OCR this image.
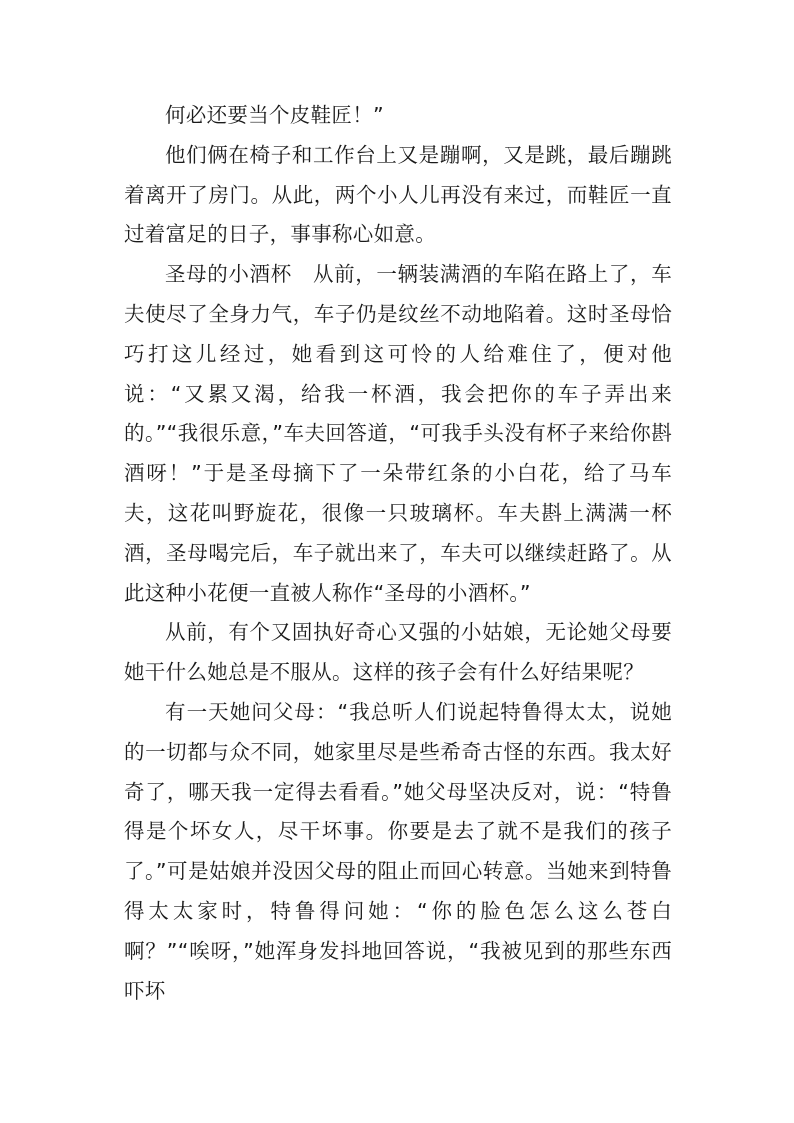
何必还要当个皮鞋匠！”

他们俩在椅子和工作台上又是蹦啊，又是跳，最后蹦跳着离开了房门。从此，两个小人儿再没有来过，而鞋匠一直过着富足的日子，事事称心如意。

圣母的小酒杯　从前，一辆装满酒的车陷在路上了，车夫使尽了全身力气，车子仍是纹丝不动地陷着。这时圣母恰巧打这儿经过，她看到这可怜的人给难住了，便对他说：“又累又渴，给我一杯酒，我会把你的车子弄出来的。”“我很乐意，”车夫回答道，“可我手头没有杯子来给你斟酒呀！”于是圣母摘下了一朵带红条的小白花，给了马车夫，这花叫野旋花，很像一只玻璃杯。车夫斟上满满一杯酒，圣母喝完后，车子就出来了，车夫可以继续赶路了。从此这种小花便一直被人称作“圣母的小酒杯。”

从前，有个又固执好奇心又强的小姑娘，无论她父母要她干什么她总是不服从。这样的孩子会有什么好结果呢？

有一天她问父母：“我总听人们说起特鲁得太太，说她的一切都与众不同，她家里尽是些希奇古怪的东西。我太好奇了，哪天我一定得去看看。”她父母坚决反对，说：“特鲁得是个坏女人，尽干坏事。你要是去了就不是我们的孩子了。”可是姑娘并没因父母的阻止而回心转意。当她来到特鲁得太太家时，特鲁得问她：“你的脸色怎么这么苍白啊？”“唉呀，”她浑身发抖地回答说，“我被见到的那些东西吓坏
